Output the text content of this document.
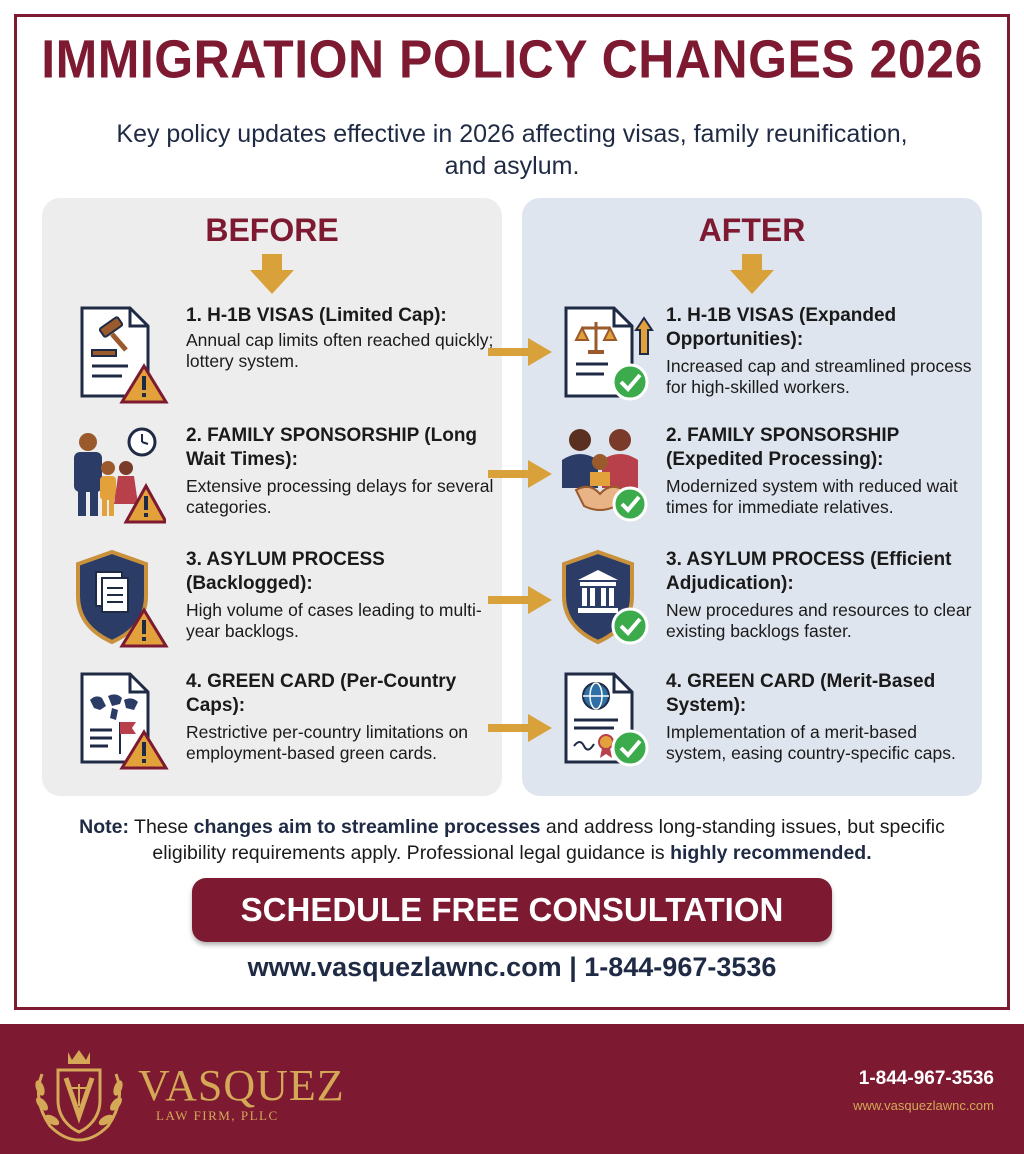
IMMIGRATION POLICY CHANGES 2026

Key policy updates effective in 2026 affecting visas, family reunification, and asylum.

BEFORE
1. H-1B VISAS (Limited Cap):
Annual cap limits often reached quickly; lottery system.
2. FAMILY SPONSORSHIP (Long Wait Times):
Extensive processing delays for several categories.
3. ASYLUM PROCESS (Backlogged):
High volume of cases leading to multi-year backlogs.
4. GREEN CARD (Per-Country Caps):
Restrictive per-country limitations on employment-based green cards.
AFTER
1. H-1B VISAS (Expanded Opportunities):
Increased cap and streamlined process for high-skilled workers.
2. FAMILY SPONSORSHIP (Expedited Processing):
Modernized system with reduced wait times for immediate relatives.
3. ASYLUM PROCESS (Efficient Adjudication):
New procedures and resources to clear existing backlogs faster.
4. GREEN CARD (Merit-Based System):
Implementation of a merit-based system, easing country-specific caps.

Note: These changes aim to streamline processes and address long-standing issues, but specific eligibility requirements apply. Professional legal guidance is highly recommended.

SCHEDULE FREE CONSULTATION
www.vasquezlawnc.com | 1-844-967-3536
VASQUEZ
LAW FIRM, PLLC
1-844-967-3536
www.vasquezlawnc.com
